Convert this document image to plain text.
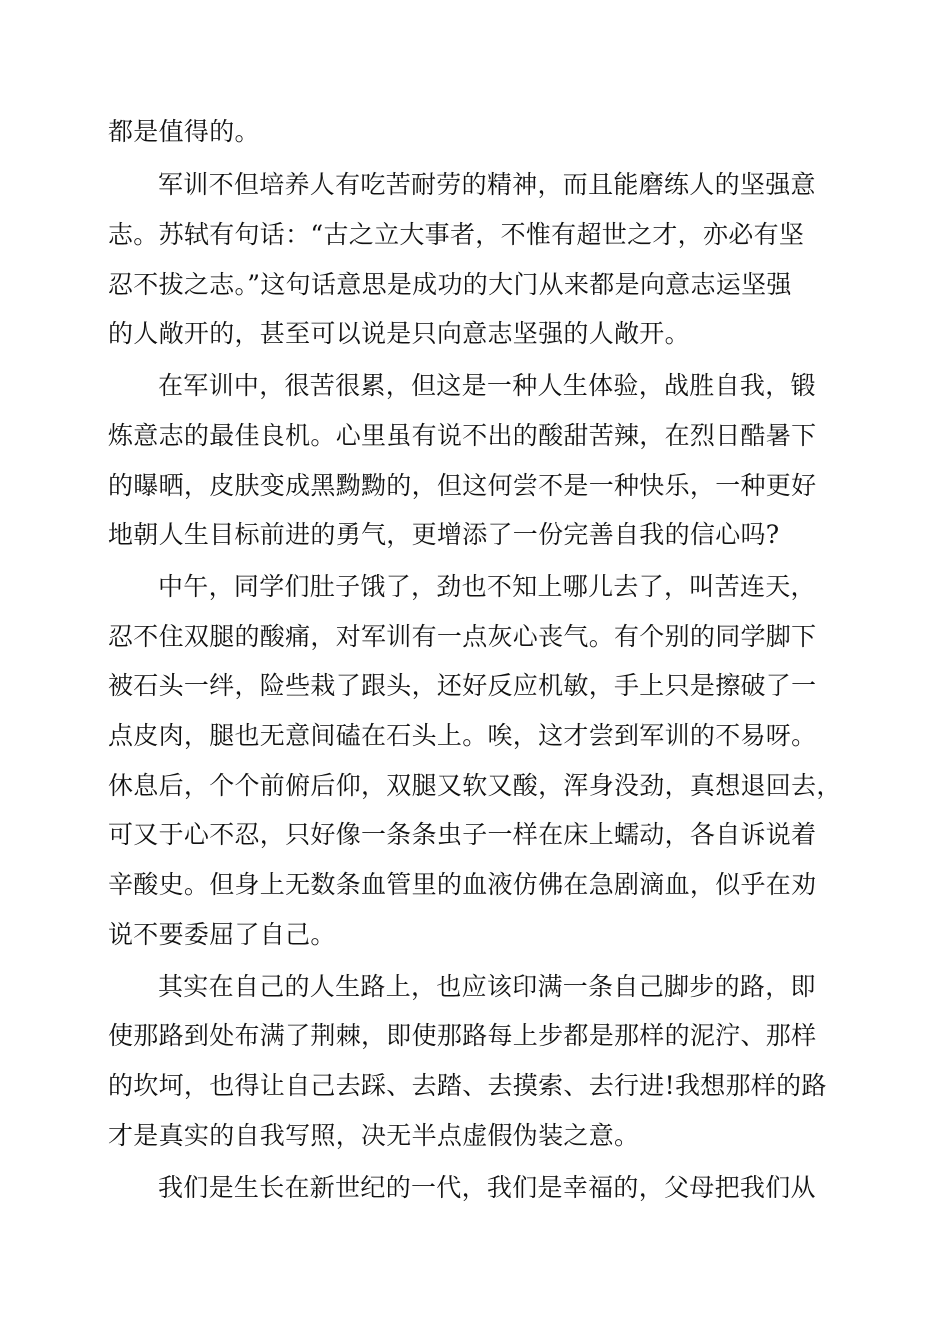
都是值得的。
军训不但培养人有吃苦耐劳的精神，而且能磨练人的坚强意
志。苏轼有句话：“古之立大事者，不惟有超世之才，亦必有坚
忍不拔之志。”这句话意思是成功的大门从来都是向意志运坚强
的人敞开的，甚至可以说是只向意志坚强的人敞开。
在军训中，很苦很累，但这是一种人生体验，战胜自我，锻
炼意志的最佳良机。心里虽有说不出的酸甜苦辣，在烈日酷暑下
的曝晒，皮肤变成黑黝黝的，但这何尝不是一种快乐，一种更好
地朝人生目标前进的勇气，更增添了一份完善自我的信心吗?
中午，同学们肚子饿了，劲也不知上哪儿去了，叫苦连天，
忍不住双腿的酸痛，对军训有一点灰心丧气。有个别的同学脚下
被石头一绊，险些栽了跟头，还好反应机敏，手上只是擦破了一
点皮肉，腿也无意间磕在石头上。唉，这才尝到军训的不易呀。
休息后，个个前俯后仰，双腿又软又酸，浑身没劲，真想退回去，
可又于心不忍，只好像一条条虫子一样在床上蠕动，各自诉说着
辛酸史。但身上无数条血管里的血液仿佛在急剧滴血，似乎在劝
说不要委屈了自己。
其实在自己的人生路上，也应该印满一条自己脚步的路，即
使那路到处布满了荆棘，即使那路每上步都是那样的泥泞、那样
的坎坷，也得让自己去踩、去踏、去摸索、去行进!我想那样的路
才是真实的自我写照，决无半点虚假伪装之意。
我们是生长在新世纪的一代，我们是幸福的，父母把我们从
